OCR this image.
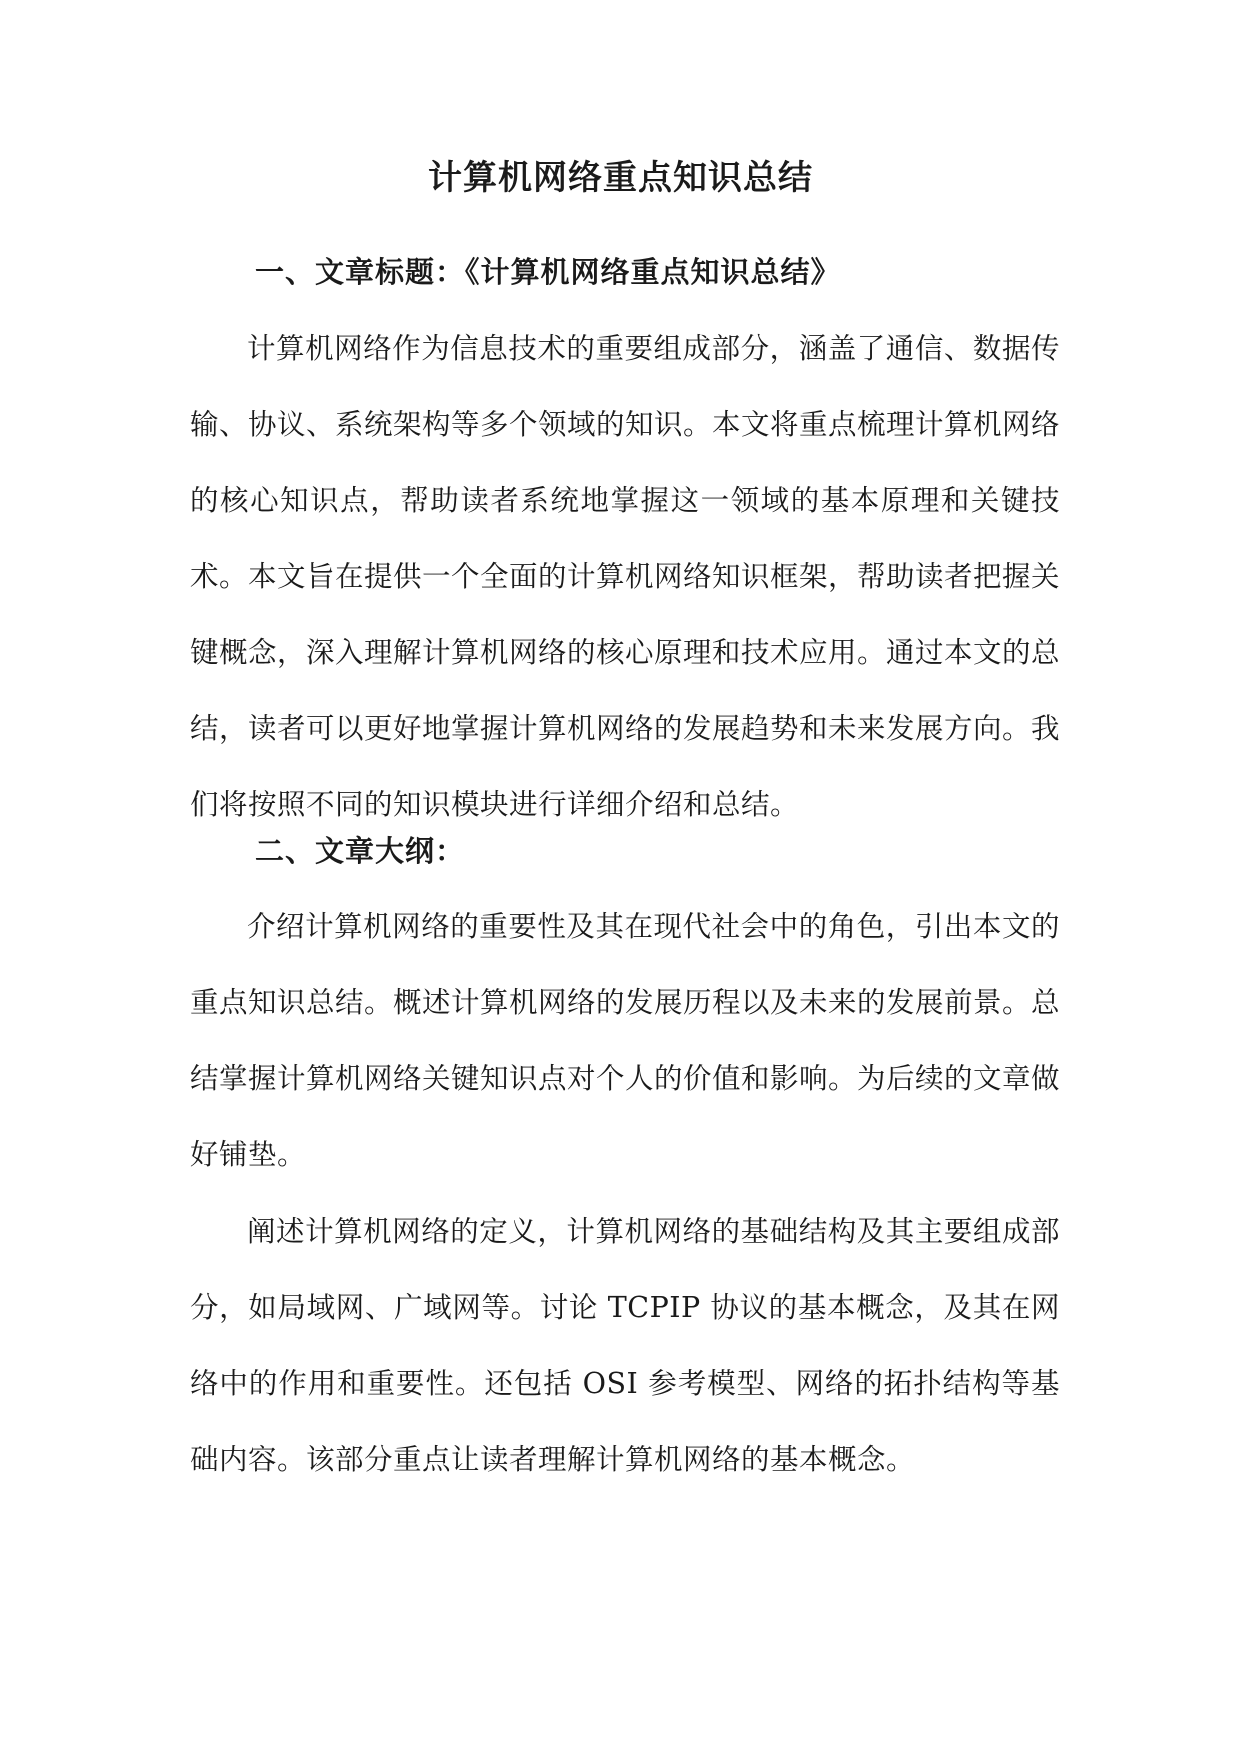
计算机网络重点知识总结
一、文章标题：《计算机网络重点知识总结》

计算机网络作为信息技术的重要组成部分，涵盖了通信、数据传输、协议、系统架构等多个领域的知识。本文将重点梳理计算机网络的核心知识点，帮助读者系统地掌握这一领域的基本原理和关键技术。本文旨在提供一个全面的计算机网络知识框架，帮助读者把握关键概念，深入理解计算机网络的核心原理和技术应用。通过本文的总结，读者可以更好地掌握计算机网络的发展趋势和未来发展方向。我们将按照不同的知识模块进行详细介绍和总结。

二、文章大纲：

介绍计算机网络的重要性及其在现代社会中的角色，引出本文的重点知识总结。概述计算机网络的发展历程以及未来的发展前景。总结掌握计算机网络关键知识点对个人的价值和影响。为后续的文章做好铺垫。

阐述计算机网络的定义，计算机网络的基础结构及其主要组成部分，如局域网、广域网等。讨论 TCPIP 协议的基本概念，及其在网络中的作用和重要性。还包括 OSI 参考模型、网络的拓扑结构等基础内容。该部分重点让读者理解计算机网络的基本概念。
